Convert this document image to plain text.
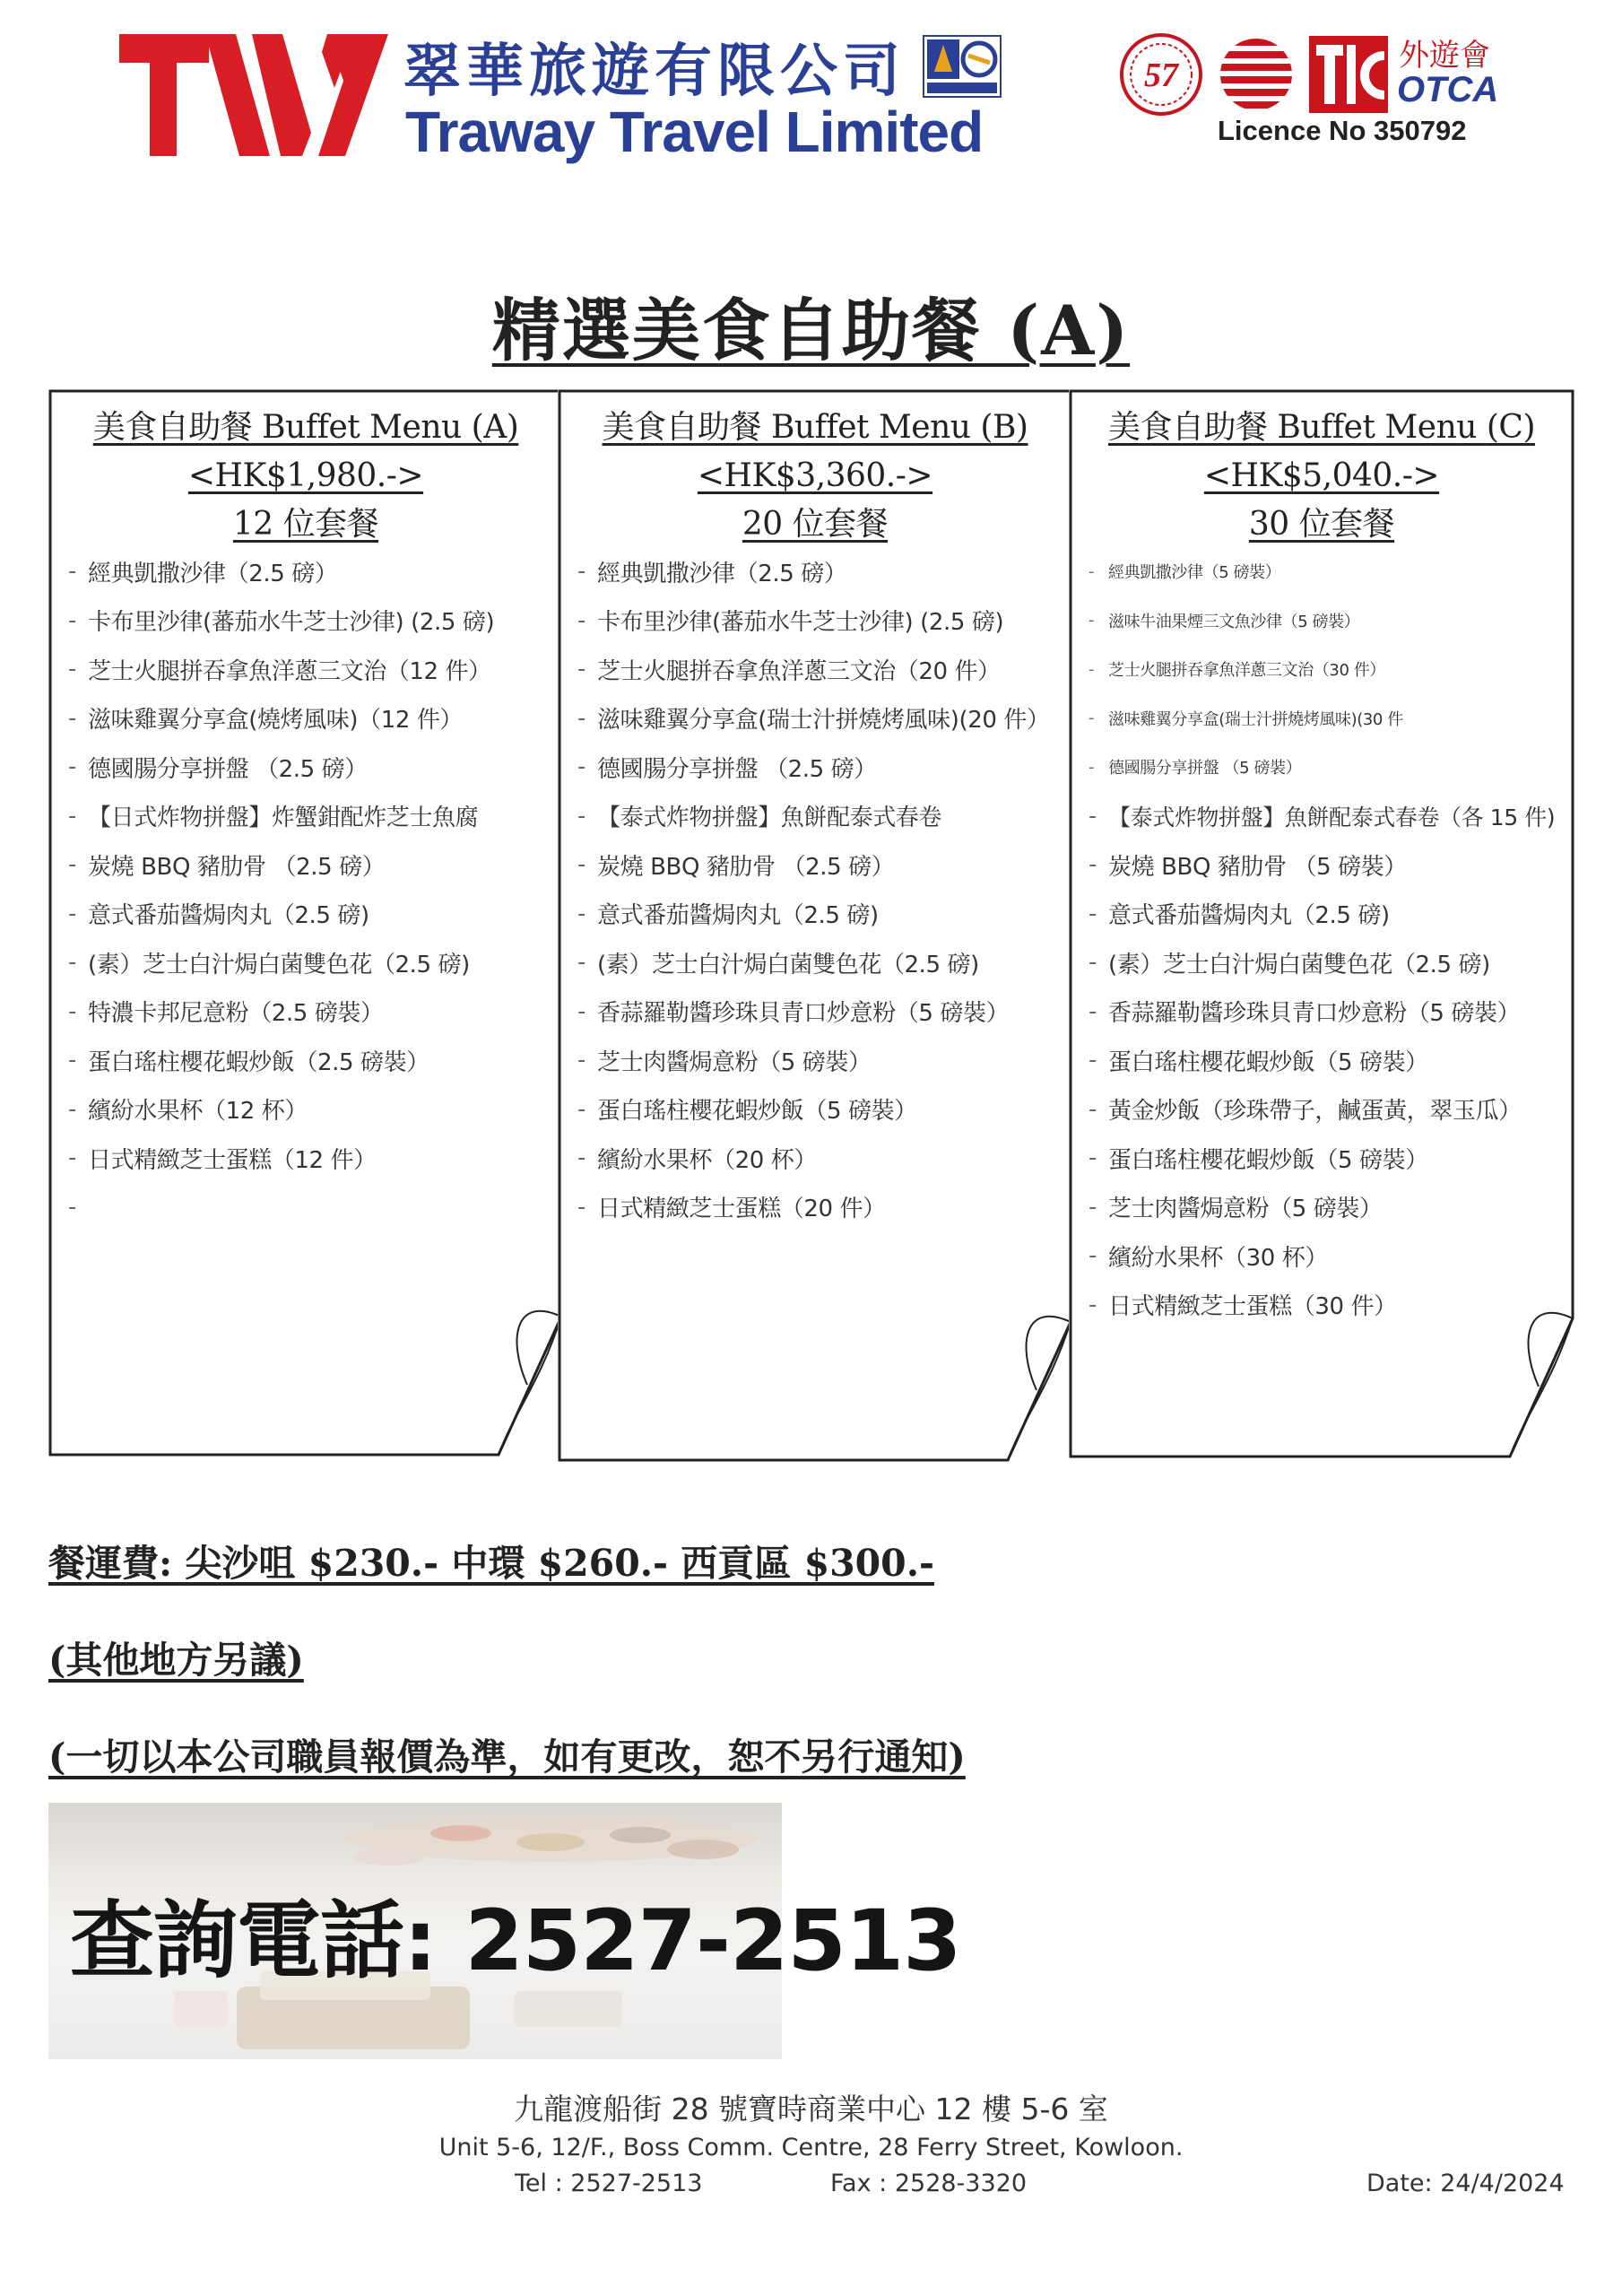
翠華旅遊有限公司
Traway Travel Limited
57
外遊會
OTCA
Licence No 350792
精選美食自助餐 (A)
美食自助餐 Buffet Menu (A)
<HK$1,980.->
12 位套餐
- 經典凱撒沙律（2.5 磅）
- 卡布里沙律(蕃茄水牛芝士沙律) (2.5 磅)
- 芝士火腿拼吞拿魚洋蔥三文治（12 件）
- 滋味雞翼分享盒(燒烤風味)（12 件）
- 德國腸分享拼盤 （2.5 磅）
- 【日式炸物拼盤】炸蟹鉗配炸芝士魚腐
- 炭燒 BBQ 豬肋骨 （2.5 磅）
- 意式番茄醬焗肉丸（2.5 磅)
- (素）芝士白汁焗白菌雙色花（2.5 磅)
- 特濃卡邦尼意粉（2.5 磅裝）
- 蛋白瑤柱櫻花蝦炒飯（2.5 磅裝）
- 繽紛水果杯（12 杯）
- 日式精緻芝士蛋糕（12 件）
-
美食自助餐 Buffet Menu (B)
<HK$3,360.->
20 位套餐
- 經典凱撒沙律（2.5 磅）
- 卡布里沙律(蕃茄水牛芝士沙律) (2.5 磅)
- 芝士火腿拼吞拿魚洋蔥三文治（20 件）
- 滋味雞翼分享盒(瑞士汁拼燒烤風味)(20 件）
- 德國腸分享拼盤 （2.5 磅）
- 【泰式炸物拼盤】魚餅配泰式春卷
- 炭燒 BBQ 豬肋骨 （2.5 磅）
- 意式番茄醬焗肉丸（2.5 磅)
- (素）芝士白汁焗白菌雙色花（2.5 磅)
- 香蒜羅勒醬珍珠貝青口炒意粉（5 磅裝）
- 芝士肉醬焗意粉（5 磅裝）
- 蛋白瑤柱櫻花蝦炒飯（5 磅裝）
- 繽紛水果杯（20 杯）
- 日式精緻芝士蛋糕（20 件）
美食自助餐 Buffet Menu (C)
<HK$5,040.->
30 位套餐
- 經典凱撒沙律（5 磅裝）
- 滋味牛油果煙三文魚沙律（5 磅裝）
- 芝士火腿拼吞拿魚洋蔥三文治（30 件）
- 滋味雞翼分享盒(瑞士汁拼燒烤風味)(30 件
- 德國腸分享拼盤 （5 磅裝）
- 【泰式炸物拼盤】魚餅配泰式春卷（各 15 件)
- 炭燒 BBQ 豬肋骨 （5 磅裝）
- 意式番茄醬焗肉丸（2.5 磅)
- (素）芝士白汁焗白菌雙色花（2.5 磅)
- 香蒜羅勒醬珍珠貝青口炒意粉（5 磅裝）
- 蛋白瑤柱櫻花蝦炒飯（5 磅裝）
- 黃金炒飯（珍珠帶子，鹹蛋黃，翠玉瓜）
- 蛋白瑤柱櫻花蝦炒飯（5 磅裝）
- 芝士肉醬焗意粉（5 磅裝）
- 繽紛水果杯（30 杯）
- 日式精緻芝士蛋糕（30 件）
餐運費: 尖沙咀 $230.- 中環 $260.- 西貢區 $300.-
(其他地方另議)
(一切以本公司職員報價為準，如有更改，恕不另行通知)
查詢電話: 2527-2513
九龍渡船街 28 號寶時商業中心 12 樓 5-6 室
Unit 5-6, 12/F., Boss Comm. Centre, 28 Ferry Street, Kowloon.
Tel : 2527-2513	Fax : 2528-3320	Date: 24/4/2024
